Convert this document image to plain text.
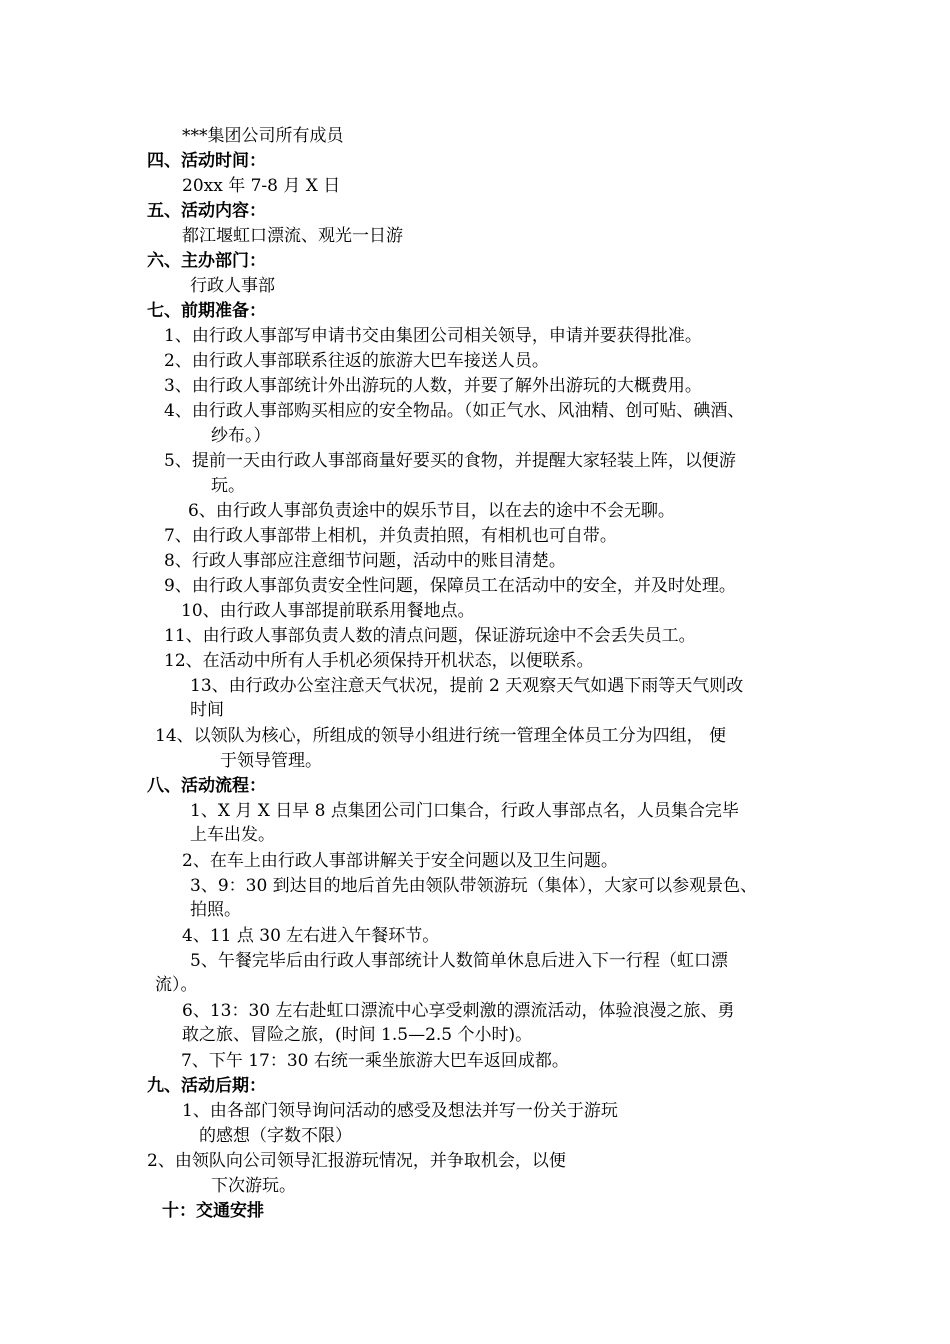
***集团公司所有成员
四、活动时间：
20xx 年 7-8 月 X 日
五、活动内容：
都江堰虹口漂流、观光一日游
六、主办部门：
行政人事部
七、前期准备：
1、由行政人事部写申请书交由集团公司相关领导，申请并要获得批准。
2、由行政人事部联系往返的旅游大巴车接送人员。
3、由行政人事部统计外出游玩的人数，并要了解外出游玩的大概费用。
4、由行政人事部购买相应的安全物品。（如正气水、风油精、创可贴、碘酒、
纱布。）
5、提前一天由行政人事部商量好要买的食物，并提醒大家轻装上阵，以便游
玩。
6、由行政人事部负责途中的娱乐节目，以在去的途中不会无聊。
7、由行政人事部带上相机，并负责拍照，有相机也可自带。
8、行政人事部应注意细节问题，活动中的账目清楚。
9、由行政人事部负责安全性问题，保障员工在活动中的安全，并及时处理。
10、由行政人事部提前联系用餐地点。
11、由行政人事部负责人数的清点问题，保证游玩途中不会丢失员工。
12、在活动中所有人手机必须保持开机状态，以便联系。
13、由行政办公室注意天气状况，提前 2 天观察天气如遇下雨等天气则改
时间
14、以领队为核心，所组成的领导小组进行统一管理全体员工分为四组， 便
于领导管理。
八、活动流程：
1、X 月 X 日早 8 点集团公司门口集合，行政人事部点名，人员集合完毕
上车出发。
2、在车上由行政人事部讲解关于安全问题以及卫生问题。
3、9：30 到达目的地后首先由领队带领游玩（集体），大家可以参观景色、
拍照。
4、11 点 30 左右进入午餐环节。
5、午餐完毕后由行政人事部统计人数简单休息后进入下一行程（虹口漂
流）。
6、13：30 左右赴虹口漂流中心享受刺激的漂流活动，体验浪漫之旅、勇
敢之旅、冒险之旅，(时间 1.5—2.5 个小时)。
7、下午 17：30 右统一乘坐旅游大巴车返回成都。
九、活动后期：
1、由各部门领导询问活动的感受及想法并写一份关于游玩
的感想（字数不限）
2、由领队向公司领导汇报游玩情况，并争取机会，以便
下次游玩。
十：交通安排
